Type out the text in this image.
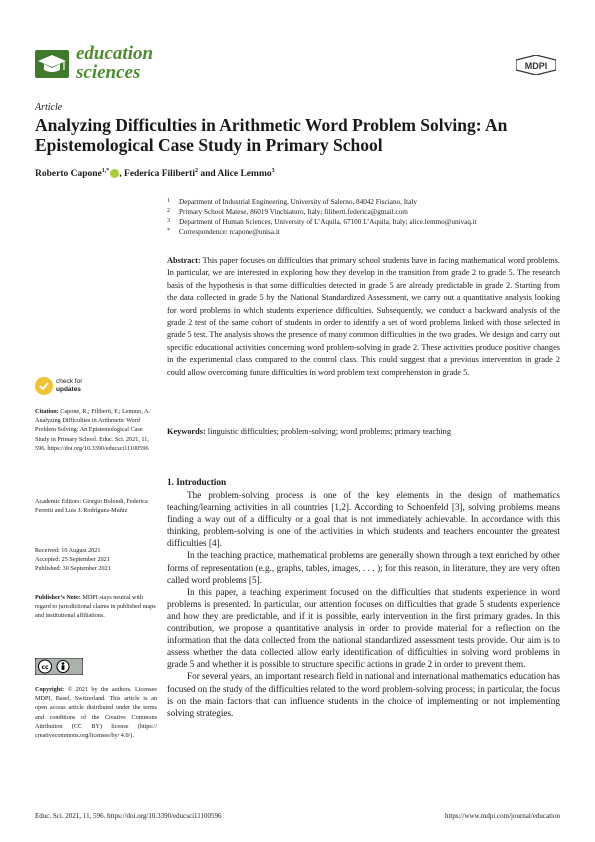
education
sciences	MDPI
Article
Analyzing Difficulties in Arithmetic Word Problem Solving: An Epistemological Case Study in Primary School
Roberto Capone$^{1,*}$ , Federica Filiberti$^2$ and Alice Lemmo$^3$
1 Department of Industrial Engineering, University of Salerno, 84042 Fisciano, Italy
2 Primary School Matese, 86019 Vinchiaturo, Italy; filiberti.federica@gmail.com
3 Department of Human Sciences, University of L’Aquila, 67100 L’Aquila, Italy; alice.lemmo@univaq.it
* Correspondence: rcapone@unisa.it
Abstract: This paper focuses on difficulties that primary school students have in facing mathematical word problems. In particular, we are interested in exploring how they develop in the transition from grade 2 to grade 5. The research basis of the hypothesis is that some difficulties detected in grade 5 are already predictable in grade 2. Starting from the data collected in grade 5 by the National Standardized Assessment, we carry out a quantitative analysis looking for word problems in which students experience difficulties. Subsequently, we conduct a backward analysis of the grade 2 test of the same cohort of students in order to identify a set of word problems linked with those selected in grade 5 test. The analysis shows the presence of many common difficulties in the two grades. We design and carry out specific educational activities concerning word problem-solving in grade 2. These activities produce positive changes in the experimental class compared to the control class. This could suggest that a previous intervention in grade 2 could allow overcoming future difficulties in word problem text comprehension in grade 5.
Keywords: linguistic difficulties; problem-solving; word problems; primary teaching
check for
updates
Citation: Capone, R.; Filiberti, F.; Lemmo, A. Analyzing Difficulties in Arithmetic Word Problem Solving: An Epistemological Case Study in Primary School. Educ. Sci. 2021, 11, 596. https://doi.org/10.3390/educsci11100596
Academic Editors: Giorgio Bolondi, Federica Ferretti and Luis J. Rodríguez-Muñiz
Received: 10 August 2021
Accepted: 25 September 2021
Published: 30 September 2021
Publisher’s Note: MDPI stays neutral with regard to jurisdictional claims in published maps and institutional affiliations.
cc
Copyright: © 2021 by the authors. Licensee MDPI, Basel, Switzerland. This article is an open access article distributed under the terms and conditions of the Creative Commons Attribution (CC BY) license (https:// creativecommons.org/licenses/by/ 4.0/).
1. Introduction

The problem-solving process is one of the key elements in the design of mathematics teaching/learning activities in all countries [1,2]. According to Schoenfeld [3], solving problems means finding a way out of a difficulty or a goal that is not immediately achievable. In accordance with this thinking, problem-solving is one of the activities in which students and teachers encounter the greatest difficulties [4].

In the teaching practice, mathematical problems are generally shown through a text enriched by other forms of representation (e.g., graphs, tables, images, . . . ); for this reason, in literature, they are very often called word problems [5].

In this paper, a teaching experiment focused on the difficulties that students experience in word problems is presented. In particular, our attention focuses on difficulties that grade 5 students experience and how they are predictable, and if it is possible, early intervention in the first primary grades. In this contribution, we propose a quantitative analysis in order to provide material for a reflection on the information that the data collected from the national standardized assessment tests provide. Our aim is to assess whether the data collected allow early identification of difficulties in solving word problems in grade 5 and whether it is possible to structure specific actions in grade 2 in order to prevent them.

For several years, an important research field in national and international mathematics education has focused on the study of the difficulties related to the word problem-solving process; in particular, the focus is on the main factors that can influence students in the choice of implementing or not implementing solving strategies.

Educ. Sci. 2021, 11, 596. https://doi.org/10.3390/educsci11100596	https://www.mdpi.com/journal/education
